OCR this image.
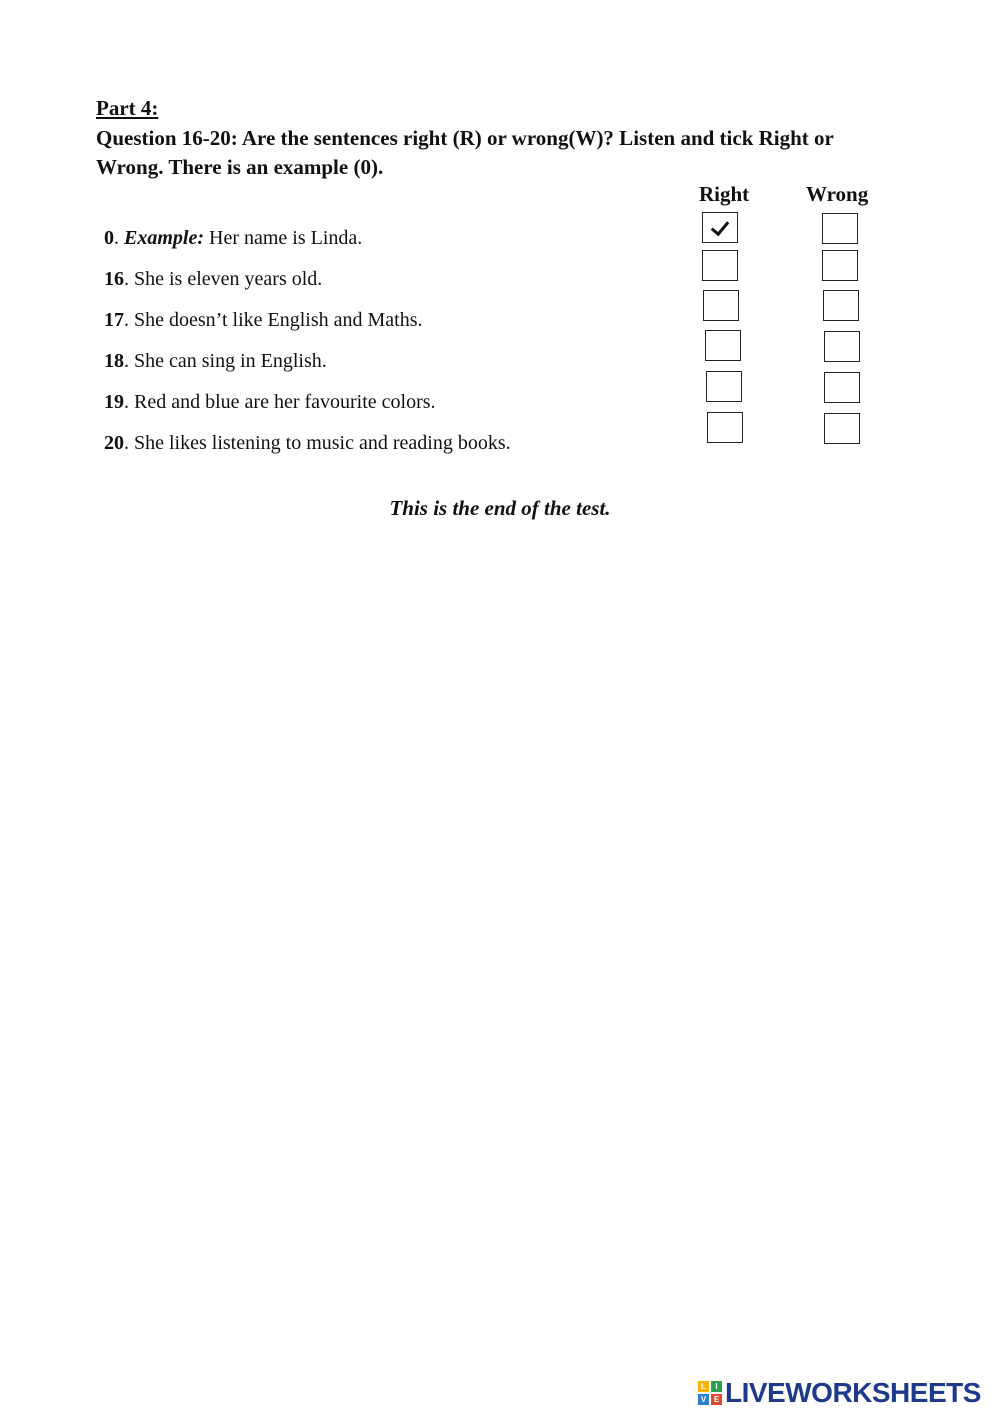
Part 4:
Question 16-20: Are the sentences right (R) or wrong(W)? Listen and tick Right or Wrong. There is an example (0).
Right	Wrong
0. Example: Her name is Linda.
16. She is eleven years old.
17. She doesn’t like English and Maths.
18. She can sing in English.
19. Red and blue are her favourite colors.
20. She likes listening to music and reading books.
This is the end of the test.
L	I
V E LIVEWORKSHEETS
